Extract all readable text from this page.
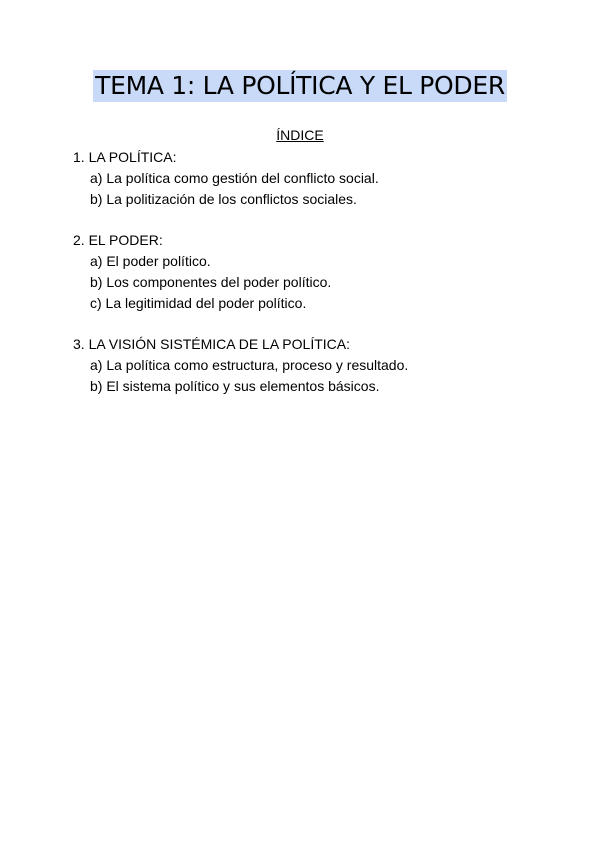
TEMA 1: LA POLÍTICA Y EL PODER
ÍNDICE
1. LA POLÍTICA:
a) La política como gestión del conflicto social.
b) La politización de los conflictos sociales.
2. EL PODER:
a) El poder político.
b) Los componentes del poder político.
c) La legitimidad del poder político.
3. LA VISIÓN SISTÉMICA DE LA POLÍTICA:
a) La política como estructura, proceso y resultado.
b) El sistema político y sus elementos básicos.
